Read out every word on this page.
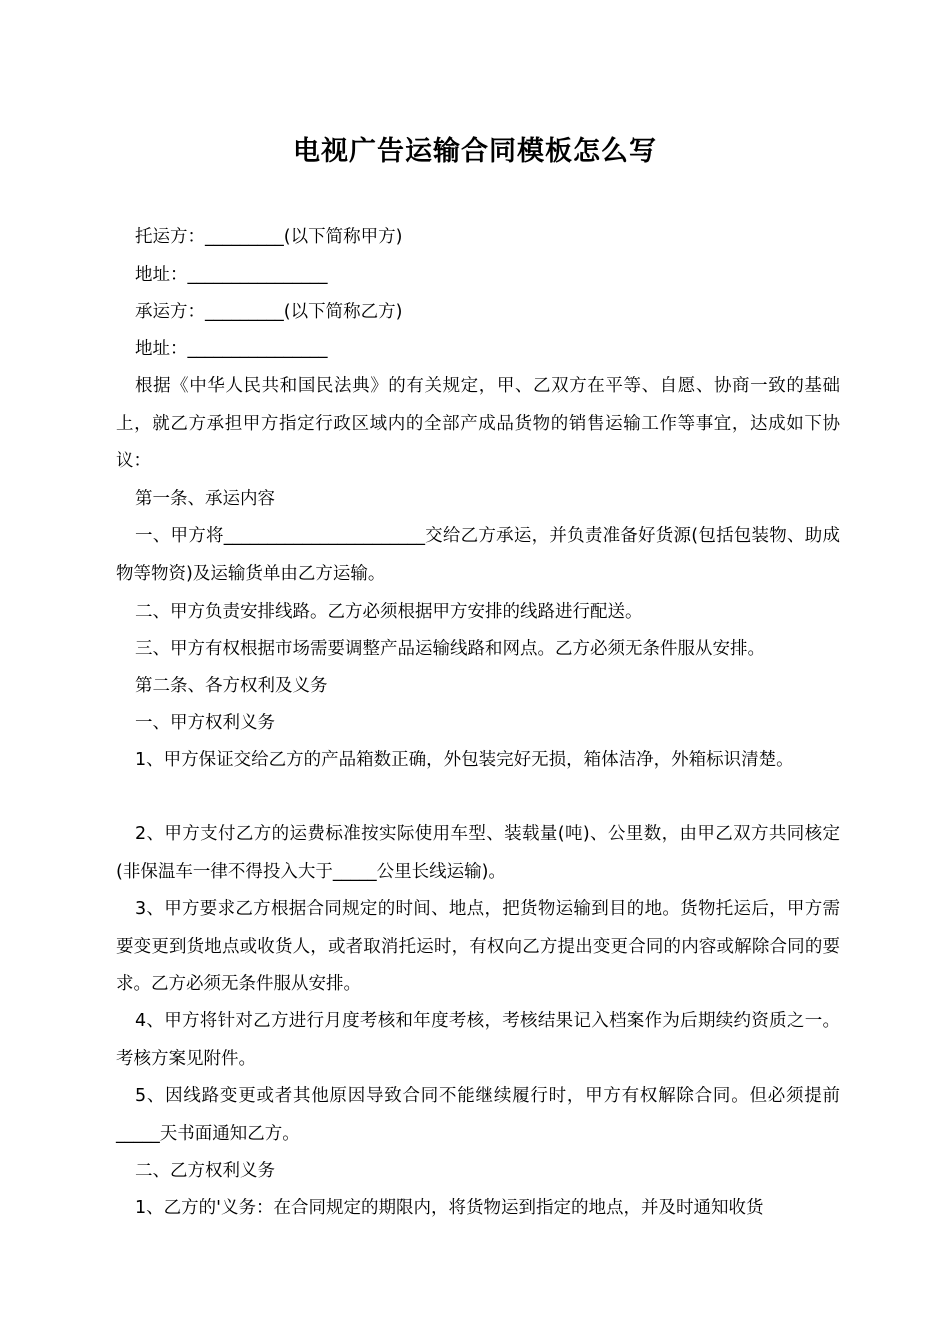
电视广告运输合同模板怎么写

托运方：_________(以下简称甲方)

地址：________________

承运方：_________(以下简称乙方)

地址：________________

根据《中华人民共和国民法典》的有关规定，甲、乙双方在平等、自愿、协商一致的基础上，就乙方承担甲方指定行政区域内的全部产成品货物的销售运输工作等事宜，达成如下协议：

第一条、承运内容

一、甲方将_______________________交给乙方承运，并负责准备好货源(包括包装物、助成物等物资)及运输货单由乙方运输。

二、甲方负责安排线路。乙方必须根据甲方安排的线路进行配送。

三、甲方有权根据市场需要调整产品运输线路和网点。乙方必须无条件服从安排。

第二条、各方权利及义务

一、甲方权利义务

1、甲方保证交给乙方的产品箱数正确，外包装完好无损，箱体洁净，外箱标识清楚。

2、甲方支付乙方的运费标准按实际使用车型、装载量(吨)、公里数，由甲乙双方共同核定(非保温车一律不得投入大于_____公里长线运输)。

3、甲方要求乙方根据合同规定的时间、地点，把货物运输到目的地。货物托运后，甲方需要变更到货地点或收货人，或者取消托运时，有权向乙方提出变更合同的内容或解除合同的要求。乙方必须无条件服从安排。

4、甲方将针对乙方进行月度考核和年度考核，考核结果记入档案作为后期续约资质之一。考核方案见附件。

5、因线路变更或者其他原因导致合同不能继续履行时，甲方有权解除合同。但必须提前_____天书面通知乙方。

二、乙方权利义务

1、乙方的'义务：在合同规定的期限内，将货物运到指定的地点，并及时通知收货
